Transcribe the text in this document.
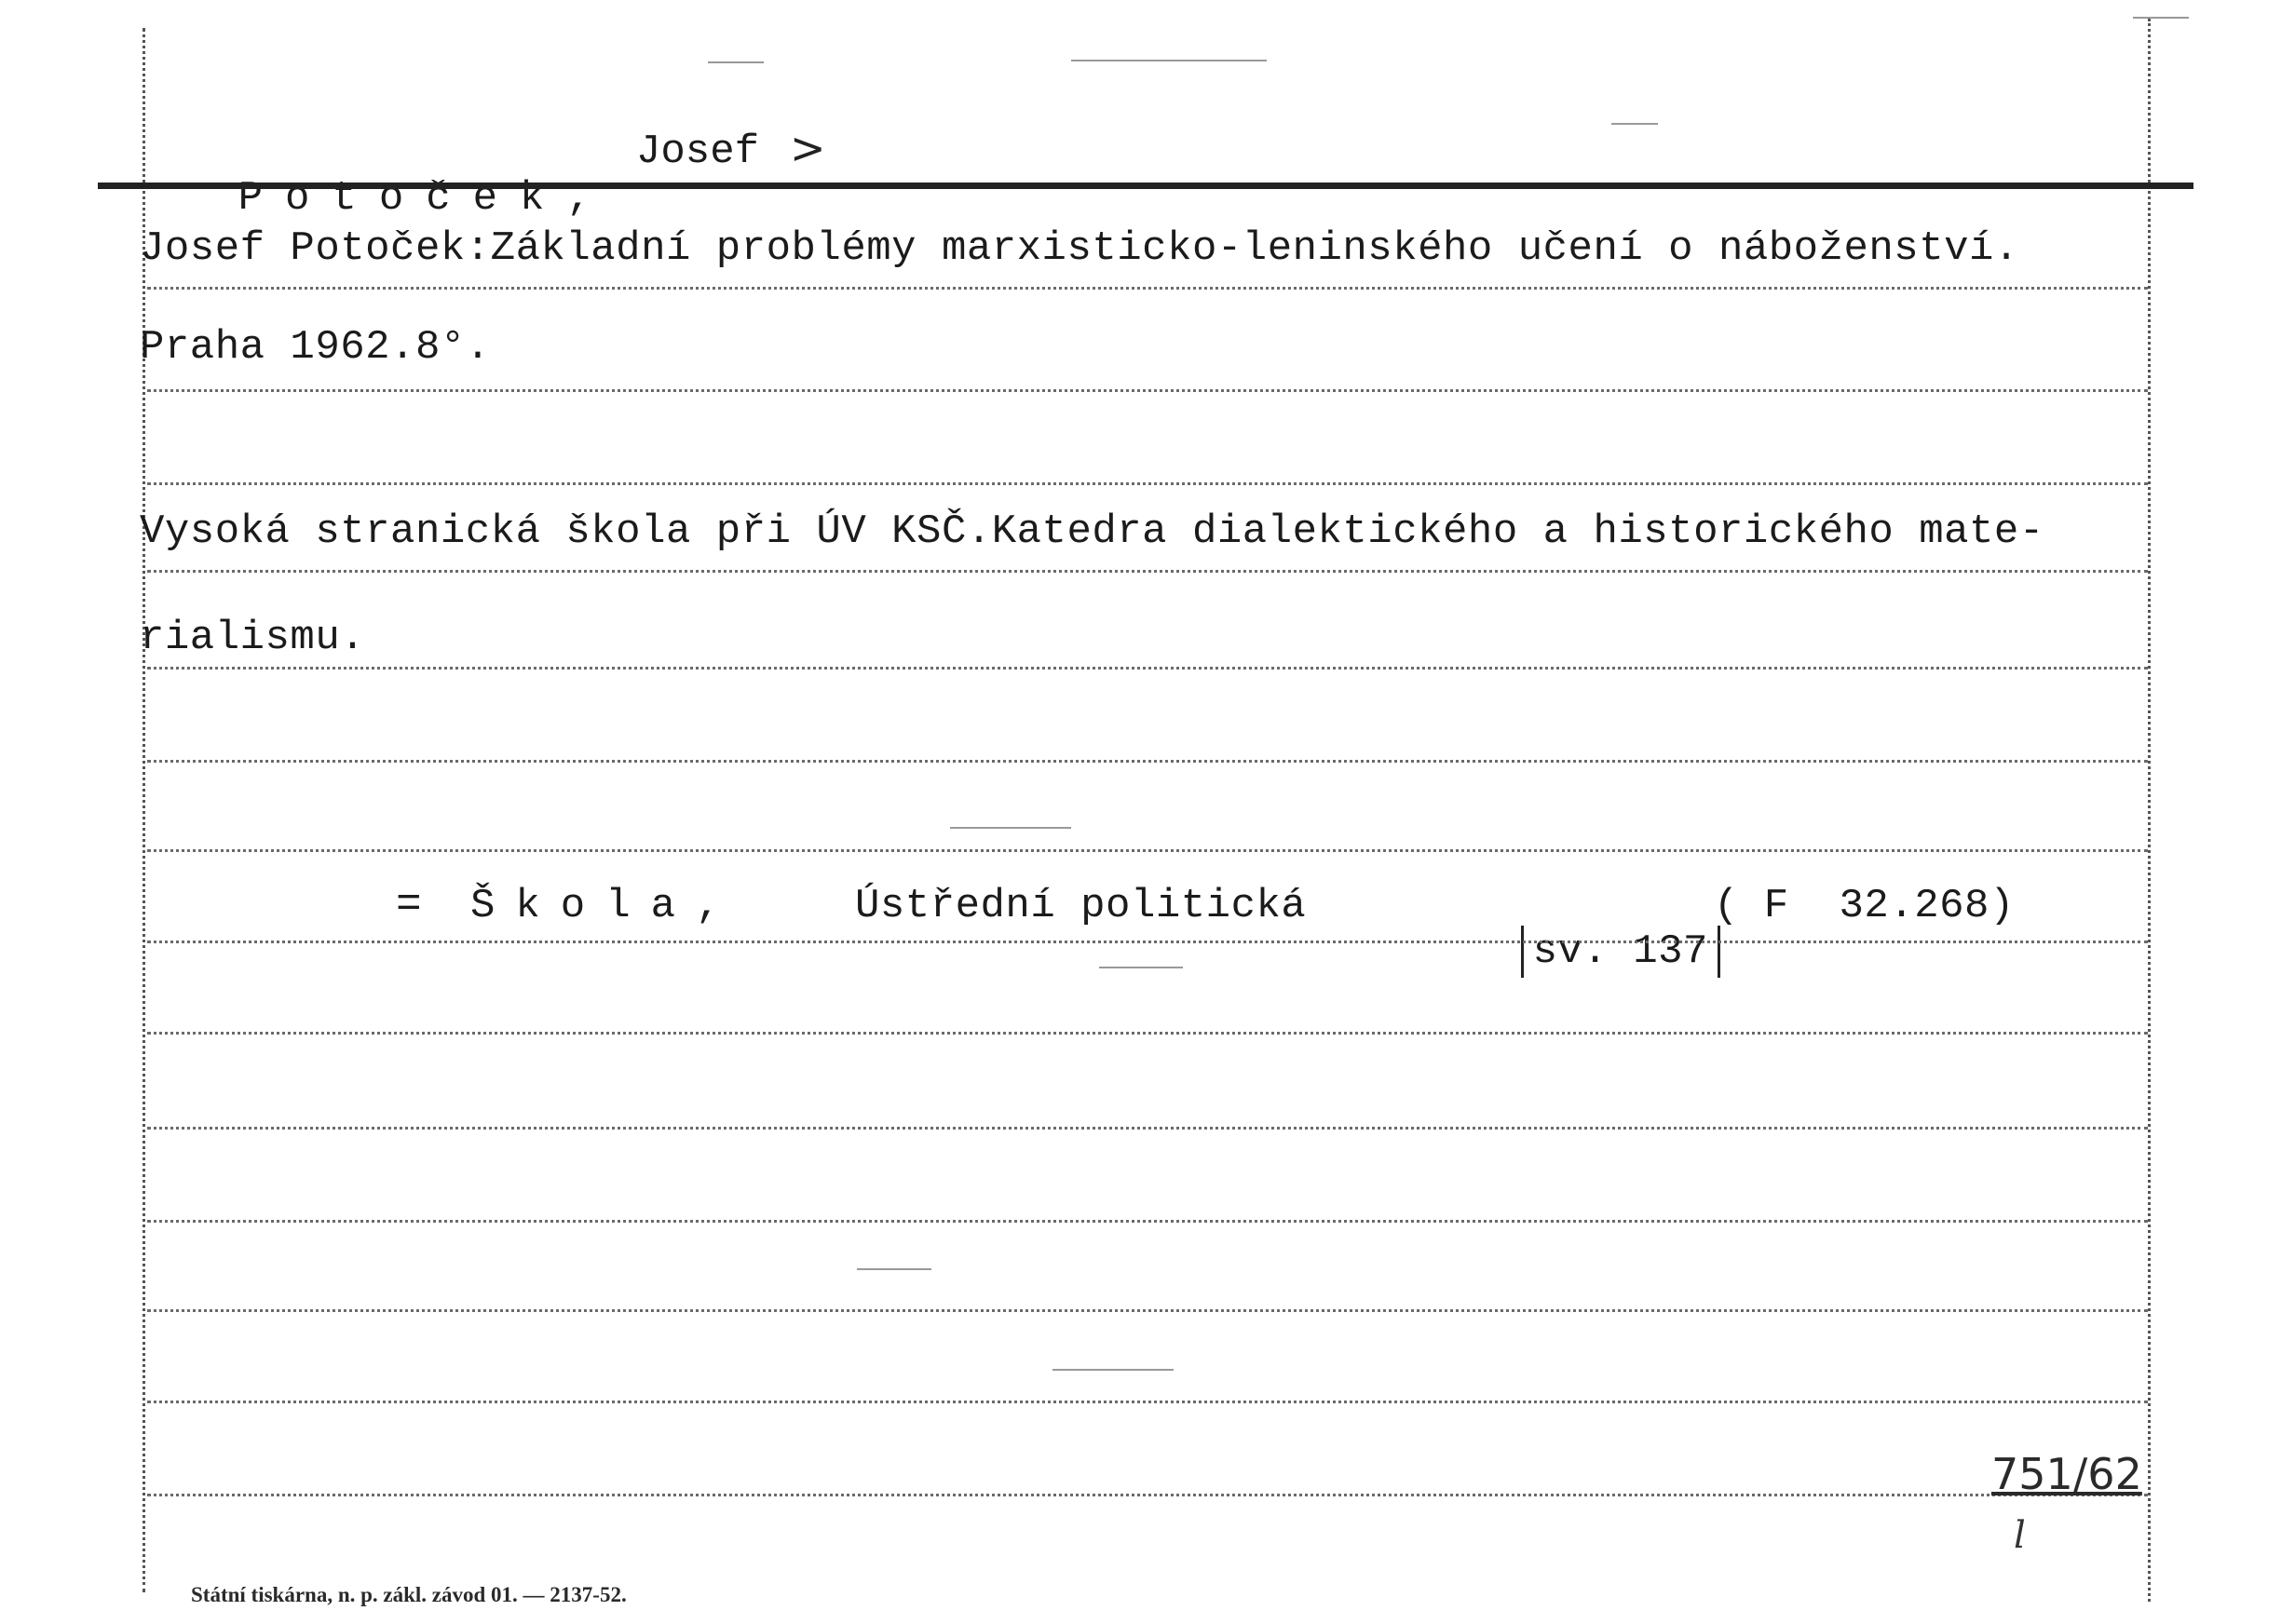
Potoček,

Josef >
Josef Potoček:Základní problémy marxisticko-leninského učení o náboženství.
Praha 1962.8°.
Vysoká stranická škola při ÚV KSČ.Katedra dialektického a historického mate-
rialismu.
= Škola,	Ústřední politická

sv. 137

( F  32.268)
751/62
l
Státní tiskárna, n. p. zákl. závod 01. — 2137-52.
